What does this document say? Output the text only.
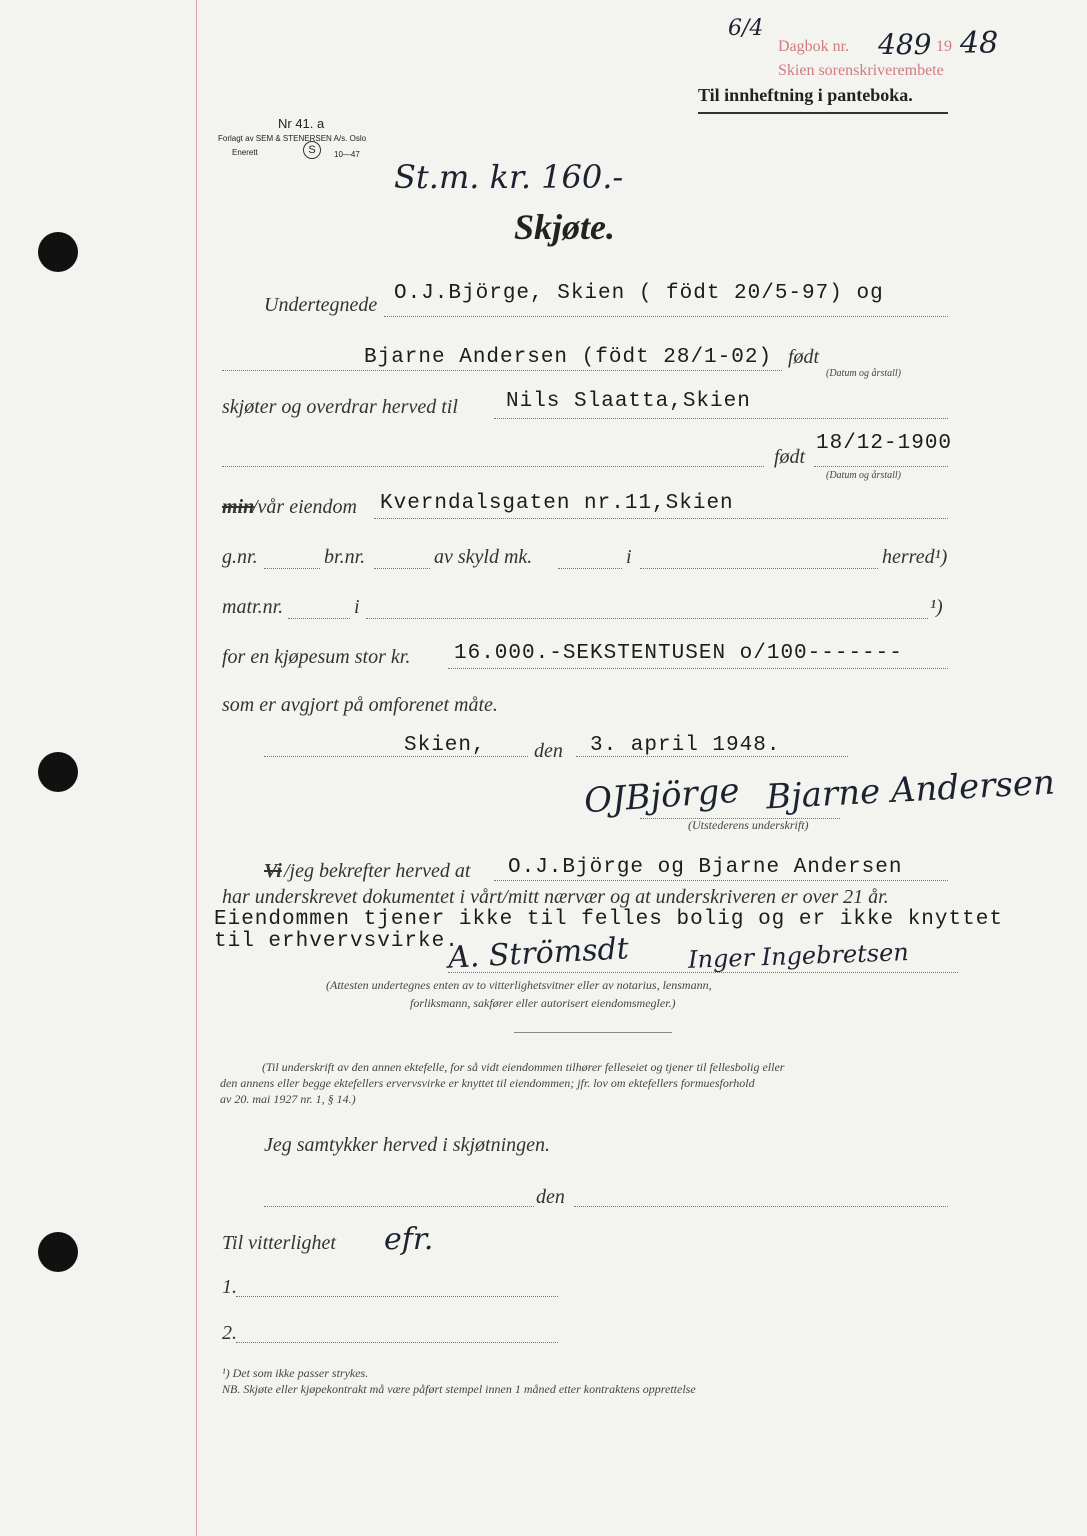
6/4
Dagbok nr. 489 19 48
Skien sorenskriverembete
Nr 41. a
Forlagt av SEM & STENERSEN A/s. Oslo
Enerett	S	10—47
Til innheftning i panteboka.
St.m. kr. 160.-
Skjøte.
Undertegnede O.J.Björge, Skien ( födt 20/5-97) og
Bjarne Andersen (födt 28/1-02) født
(Datum og årstall)
skjøter og overdrar herved til Nils Slaatta,Skien
født
18/12-1900
(Datum og årstall)
min
/vår eiendom Kverndalsgaten nr.11,Skien
g.nr.	br.nr.	av skyld mk.	i	herred¹)
matr.nr.	i	¹)
for en kjøpesum stor kr. 16.000.-SEKSTENTUSEN o/100-------
som er avgjort på omforenet måte.
Skien, den 3. april 1948.
OJBjörge Bjarne Andersen
(Utstederens underskrift)
Vi /jeg bekrefter herved at O.J.Björge og Bjarne Andersen
har underskrevet dokumentet i vårt/mitt nærvær og at underskriveren er over 21 år.
Eiendommen tjener ikke til felles bolig og er ikke knyttet
til erhvervsvirke.
A. Strömsdt Inger Ingebretsen
(Attesten undertegnes enten av to vitterlighetsvitner eller av notarius, lensmann,
forliksmann, sakfører eller autorisert eiendomsmegler.)
(Til underskrift av den annen ektefelle, for så vidt eiendommen tilhører felleseiet og tjener til fellesbolig eller
den annens eller begge ektefellers ervervsvirke er knyttet til eiendommen; jfr. lov om ektefellers formuesforhold
av 20. mai 1927 nr. 1, § 14.)
Jeg samtykker herved i skjøtningen.
den
Til vitterlighet efr.
1.
2.
¹) Det som ikke passer strykes.
NB. Skjøte eller kjøpekontrakt må være påført stempel innen 1 måned etter kontraktens opprettelse
